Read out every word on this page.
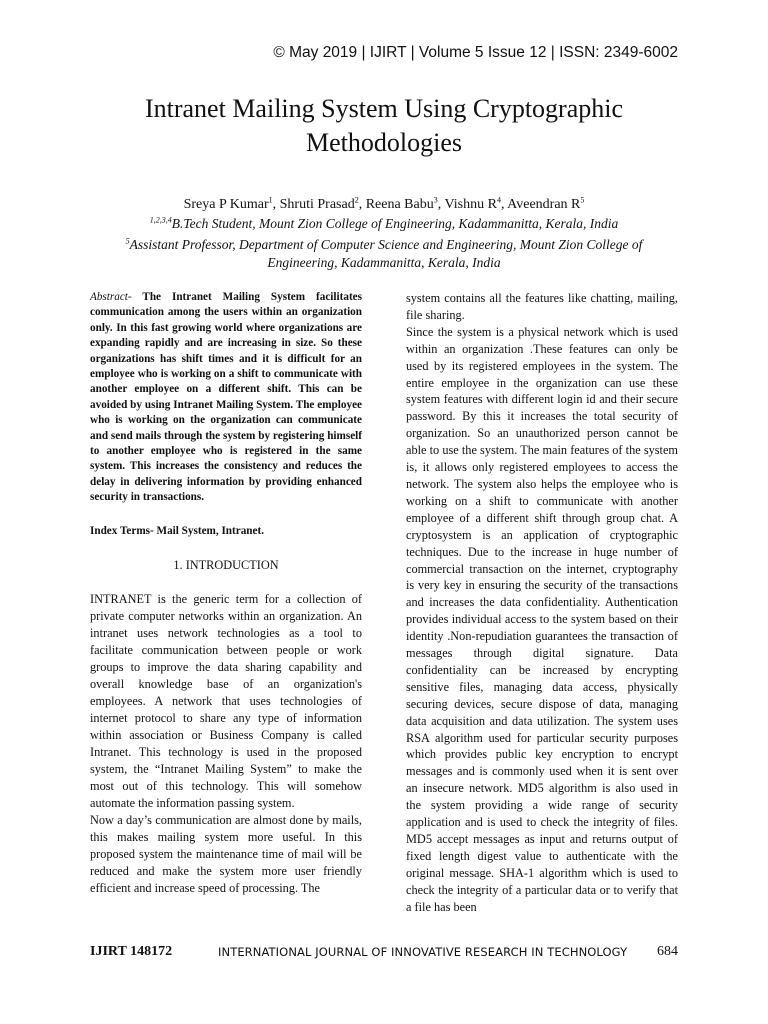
© May 2019 | IJIRT | Volume 5 Issue 12 | ISSN: 2349-6002
Intranet Mailing System Using Cryptographic
Methodologies
Sreya P Kumar$^1$, Shruti Prasad$^2$, Reena Babu$^3$, Vishnu $R^4$, Aveendran $R^5$
$^{1,2,3,4}$B.Tech Student, Mount Zion College of Engineering, Kadammanitta, Kerala, India
$^5$Assistant Professor, Department of Computer Science and Engineering, Mount Zion College of Engineering, Kadammanitta, Kerala, India

Abstract- The Intranet Mailing System facilitates communication among the users within an organization only. In this fast growing world where organizations are expanding rapidly and are increasing in size. So these organizations has shift times and it is difficult for an employee who is working on a shift to communicate with another employee on a different shift. This can be avoided by using Intranet Mailing System. The employee who is working on the organization can communicate and send mails through the system by registering himself to another employee who is registered in the same system. This increases the consistency and reduces the delay in delivering information by providing enhanced security in transactions.

Index Terms- Mail System, Intranet.

1. INTRODUCTION

INTRANET is the generic term for a collection of private computer networks within an organization. An intranet uses network technologies as a tool to facilitate communication between people or work groups to improve the data sharing capability and overall knowledge base of an organization's employees. A network that uses technologies of internet protocol to share any type of information within association or Business Company is called Intranet. This technology is used in the proposed system, the “Intranet Mailing System” to make the most out of this technology. This will somehow automate the information passing system.

Now a day’s communication are almost done by mails, this makes mailing system more useful. In this proposed system the maintenance time of mail will be reduced and make the system more user friendly efficient and increase speed of processing. The

system contains all the features like chatting, mailing, file sharing.

Since the system is a physical network which is used within an organization .These features can only be used by its registered employees in the system. The entire employee in the organization can use these system features with different login id and their secure password. By this it increases the total security of organization. So an unauthorized person cannot be able to use the system. The main features of the system is, it allows only registered employees to access the network. The system also helps the employee who is working on a shift to communicate with another employee of a different shift through group chat. A cryptosystem is an application of cryptographic techniques. Due to the increase in huge number of commercial transaction on the internet, cryptography is very key in ensuring the security of the transactions and increases the data confidentiality. Authentication provides individual access to the system based on their identity .Non-repudiation guarantees the transaction of messages through digital signature. Data confidentiality can be increased by encrypting sensitive files, managing data access, physically securing devices, secure dispose of data, managing data acquisition and data utilization. The system uses RSA algorithm used for particular security purposes which provides public key encryption to encrypt messages and is commonly used when it is sent over an insecure network. MD5 algorithm is also used in the system providing a wide range of security application and is used to check the integrity of files. MD5 accept messages as input and returns output of fixed length digest value to authenticate with the original message. SHA-1 algorithm which is used to check the integrity of a particular data or to verify that a file has been

IJIRT 148172	INTERNATIONAL JOURNAL OF INNOVATIVE RESEARCH IN TECHNOLOGY 684
